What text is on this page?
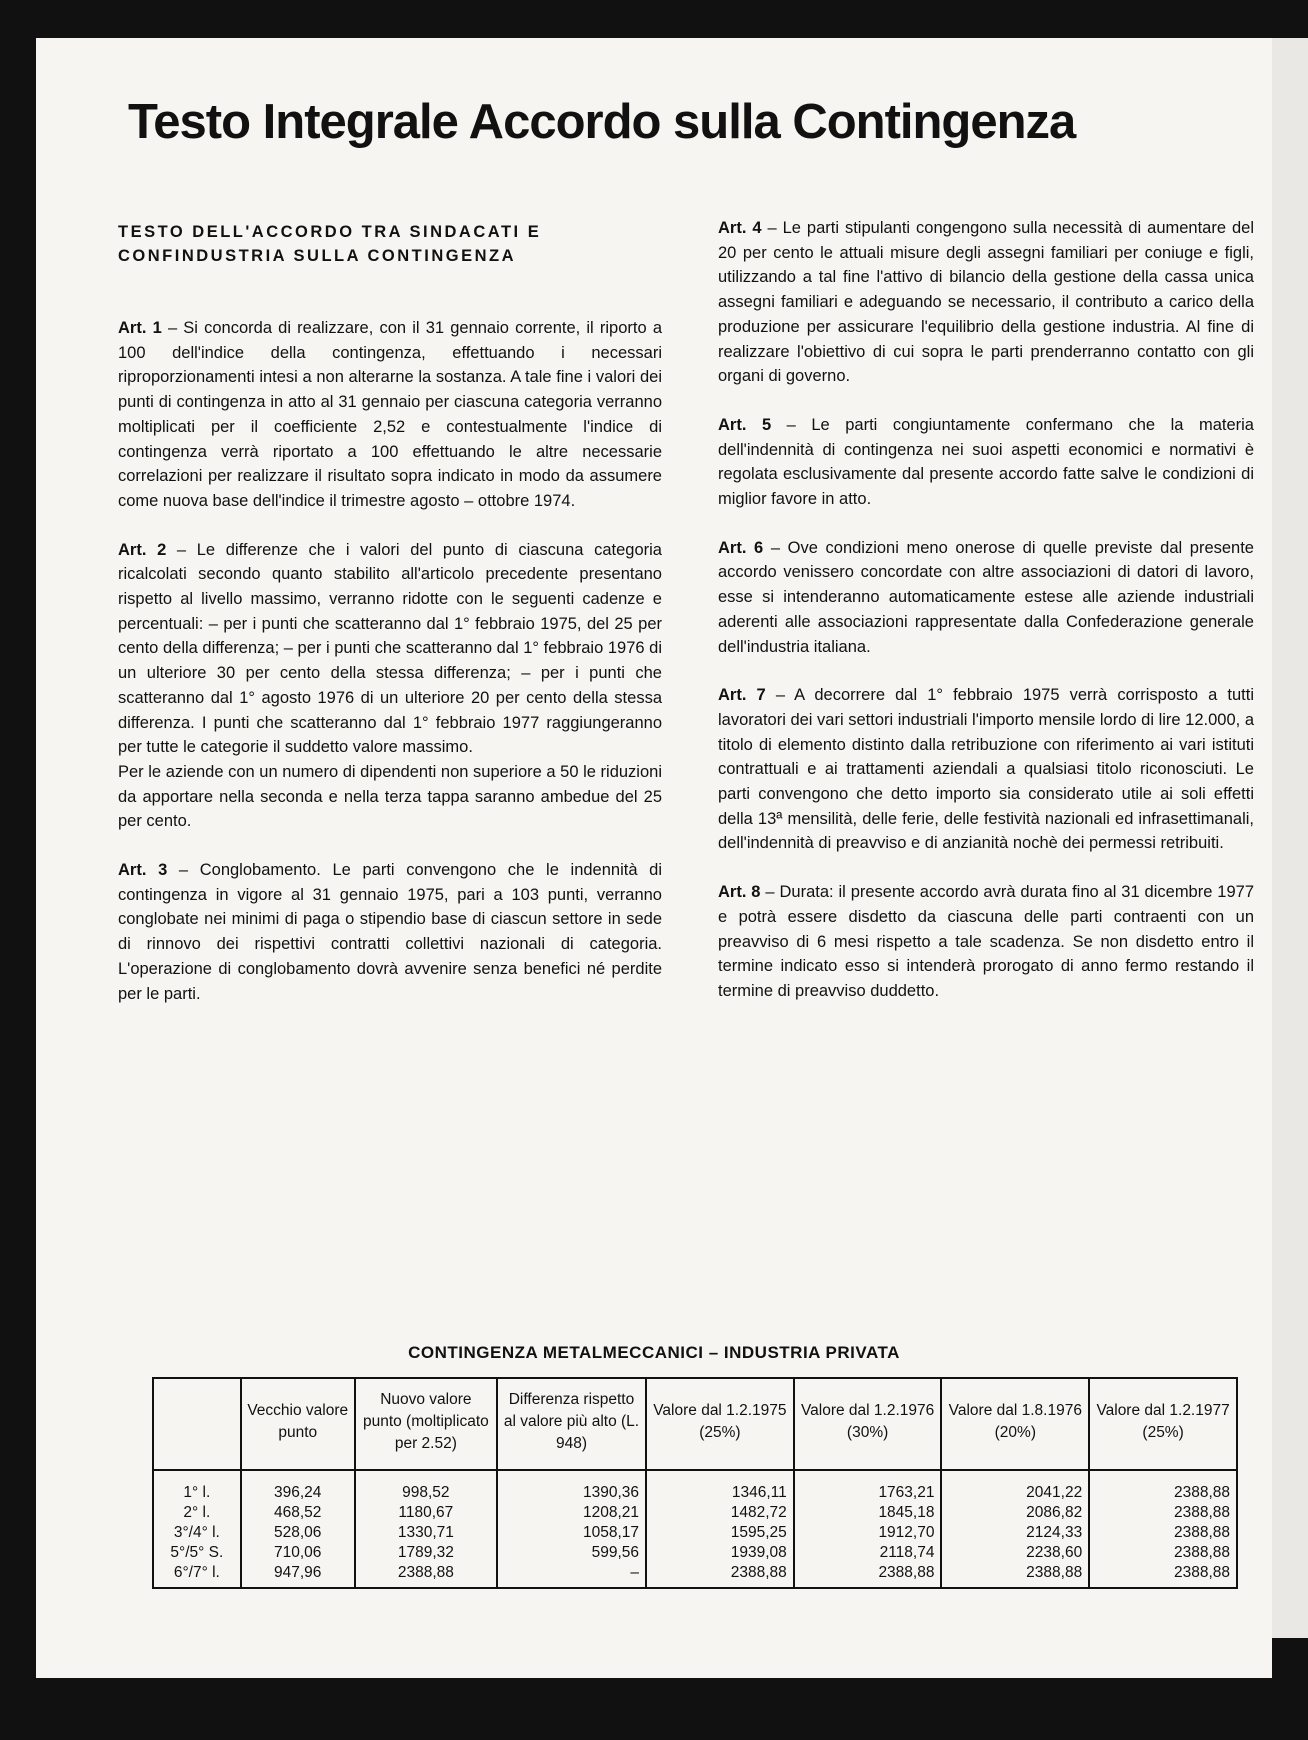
Testo Integrale Accordo sulla Contingenza

TESTO DELL'ACCORDO TRA SINDACATI E CONFINDUSTRIA SULLA CONTINGENZA

Art. 1 – Si concorda di realizzare, con il 31 gennaio corrente, il riporto a 100 dell'indice della contingenza, effettuando i necessari riproporzionamenti intesi a non alterarne la sostanza. A tale fine i valori dei punti di contingenza in atto al 31 gennaio per ciascuna categoria verranno moltiplicati per il coefficiente 2,52 e contestualmente l'indice di contingenza verrà riportato a 100 effettuando le altre necessarie correlazioni per realizzare il risultato sopra indicato in modo da assumere come nuova base dell'indice il trimestre agosto – ottobre 1974.

Art. 2 – Le differenze che i valori del punto di ciascuna categoria ricalcolati secondo quanto stabilito all'articolo precedente presentano rispetto al livello massimo, verranno ridotte con le seguenti cadenze e percentuali: – per i punti che scatteranno dal 1° febbraio 1975, del 25 per cento della differenza; – per i punti che scatteranno dal 1° febbraio 1976 di un ulteriore 30 per cento della stessa differenza; – per i punti che scatteranno dal 1° agosto 1976 di un ulteriore 20 per cento della stessa differenza. I punti che scatteranno dal 1° febbraio 1977 raggiungeranno per tutte le categorie il suddetto valore massimo.

Per le aziende con un numero di dipendenti non superiore a 50 le riduzioni da apportare nella seconda e nella terza tappa saranno ambedue del 25 per cento.

Art. 3 – Conglobamento. Le parti convengono che le indennità di contingenza in vigore al 31 gennaio 1975, pari a 103 punti, verranno conglobate nei minimi di paga o stipendio base di ciascun settore in sede di rinnovo dei rispettivi contratti collettivi nazionali di categoria. L'operazione di conglobamento dovrà avvenire senza benefici né perdite per le parti.

Art. 4 – Le parti stipulanti congengono sulla necessità di aumentare del 20 per cento le attuali misure degli assegni familiari per coniuge e figli, utilizzando a tal fine l'attivo di bilancio della gestione della cassa unica assegni familiari e adeguando se necessario, il contributo a carico della produzione per assicurare l'equilibrio della gestione industria. Al fine di realizzare l'obiettivo di cui sopra le parti prenderranno contatto con gli organi di governo.

Art. 5 – Le parti congiuntamente confermano che la materia dell'indennità di contingenza nei suoi aspetti economici e normativi è regolata esclusivamente dal presente accordo fatte salve le condizioni di miglior favore in atto.

Art. 6 – Ove condizioni meno onerose di quelle previste dal presente accordo venissero concordate con altre associazioni di datori di lavoro, esse si intenderanno automaticamente estese alle aziende industriali aderenti alle associazioni rappresentate dalla Confederazione generale dell'industria italiana.

Art. 7 – A decorrere dal 1° febbraio 1975 verrà corrisposto a tutti lavoratori dei vari settori industriali l'importo mensile lordo di lire 12.000, a titolo di elemento distinto dalla retribuzione con riferimento ai vari istituti contrattuali e ai trattamenti aziendali a qualsiasi titolo riconosciuti. Le parti convengono che detto importo sia considerato utile ai soli effetti della 13ª mensilità, delle ferie, delle festività nazionali ed infrasettimanali, dell'indennità di preavviso e di anzianità nochè dei permessi retribuiti.

Art. 8 – Durata: il presente accordo avrà durata fino al 31 dicembre 1977 e potrà essere disdetto da ciascuna delle parti contraenti con un preavviso di 6 mesi rispetto a tale scadenza. Se non disdetto entro il termine indicato esso si intenderà prorogato di anno fermo restando il termine di preavviso duddetto.

CONTINGENZA METALMECCANICI – INDUSTRIA PRIVATA

	Vecchio valore punto	Nuovo valore punto (moltiplicato per 2.52)	Differenza rispetto al valore più alto (L. 948)	Valore dal 1.2.1975 (25%)	Valore dal 1.2.1976 (30%)	Valore dal 1.8.1976 (20%)	Valore dal 1.2.1977 (25%)
1° l.	396,24	998,52	1390,36	1346,11	1763,21	2041,22	2388,88
2° l.	468,52	1180,67	1208,21	1482,72	1845,18	2086,82	2388,88
3°/4° l.	528,06	1330,71	1058,17	1595,25	1912,70	2124,33	2388,88
5°/5° S.	710,06	1789,32	599,56	1939,08	2118,74	2238,60	2388,88
6°/7° l.	947,96	2388,88	–	2388,88	2388,88	2388,88	2388,88
